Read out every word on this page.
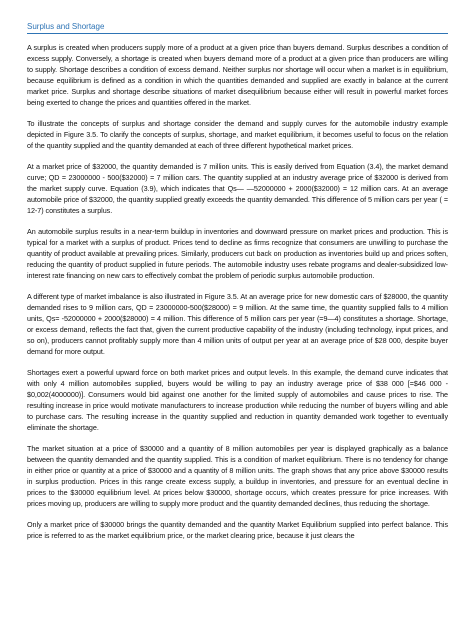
Surplus and Shortage

A surplus is created when producers supply more of a product at a given price than buyers demand. Surplus describes a condition of excess supply. Conversely, a shortage is created when buyers demand more of a product at a given price than producers are willing to supply. Shortage describes a condition of excess demand. Neither surplus nor shortage will occur when a market is in equilibrium, because equilibrium is defined as a condition in which the quantities demanded and supplied are exactly in balance at the current market price. Surplus and shortage describe situations of market disequilibrium because either will result in powerful market forces being exerted to change the prices and quantities offered in the market.

To illustrate the concepts of surplus and shortage consider the demand and supply curves for the automobile industry example depicted in Figure 3.5. To clarify the concepts of surplus, shortage, and market equilibrium, it becomes useful to focus on the relation of the quantity supplied and the quantity demanded at each of three different hypothetical market prices.

At a market price of $32000, the quantity demanded is 7 million units. This is easily derived from Equation (3.4), the market demand curve; QD = 23000000 - 500($32000) = 7 million cars. The quantity supplied at an industry average price of $32000 is derived from the market supply curve. Equation (3.9), which indicates that Qs— —52000000 + 2000($32000) = 12 million cars. At an average automobile price of $32000, the quantity supplied greatly exceeds the quantity demanded. This difference of 5 million cars per year ( = 12-7) constitutes a surplus.

An automobile surplus results in a near-term buildup in inventories and downward pressure on market prices and production. This is typical for a market with a surplus of product. Prices tend to decline as firms recognize that consumers are unwilling to purchase the quantity of product available at prevailing prices. Similarly, producers cut back on production as inventories build up and prices soften, reducing the quantity of product supplied in future periods. The automobile industry uses rebate programs and dealer-subsidized low-interest rate financing on new cars to effectively combat the problem of periodic surplus automobile production.

A different type of market imbalance is also illustrated in Figure 3.5. At an average price for new domestic cars of $28000, the quantity demanded rises to 9 million cars, QD = 23000000-500($28000) = 9 million. At the same time, the quantity supplied falls to 4 million units, Qs= -52000000 + 2000($28000) = 4 million. This difference of 5 million cars per year (=9—4) constitutes a shortage. Shortage, or excess demand, reflects the fact that, given the current productive capability of the industry (including technology, input prices, and so on), producers cannot profitably supply more than 4 million units of output per year at an average price of $28 000, despite buyer demand for more output.

Shortages exert a powerful upward force on both market prices and output levels. In this example, the demand curve indicates that with only 4 million automobiles supplied, buyers would be willing to pay an industry average price of $38 000 [=$46 000 - $0,002(4000000)]. Consumers would bid against one another for the limited supply of automobiles and cause prices to rise. The resulting increase in price would motivate manufacturers to increase production while reducing the number of buyers willing and able to purchase cars. The resulting increase in the quantity supplied and reduction in quantity demanded work together to eventually eliminate the shortage.

The market situation at a price of $30000 and a quantity of 8 million automobiles per year is displayed graphically as a balance between the quantity demanded and the quantity supplied. This is a condition of market equilibrium. There is no tendency for change in either price or quantity at a price of $30000 and a quantity of 8 million units. The graph shows that any price above $30000 results in surplus production. Prices in this range create excess supply, a buildup in inventories, and pressure for an eventual decline in prices to the $30000 equilibrium level. At prices below $30000, shortage occurs, which creates pressure for price increases. With prices moving up, producers are willing to supply more product and the quantity demanded declines, thus reducing the shortage.

Only a market price of $30000 brings the quantity demanded and the quantity Market Equilibrium supplied into perfect balance. This price is referred to as the market equilibrium price, or the market clearing price, because it just clears the
